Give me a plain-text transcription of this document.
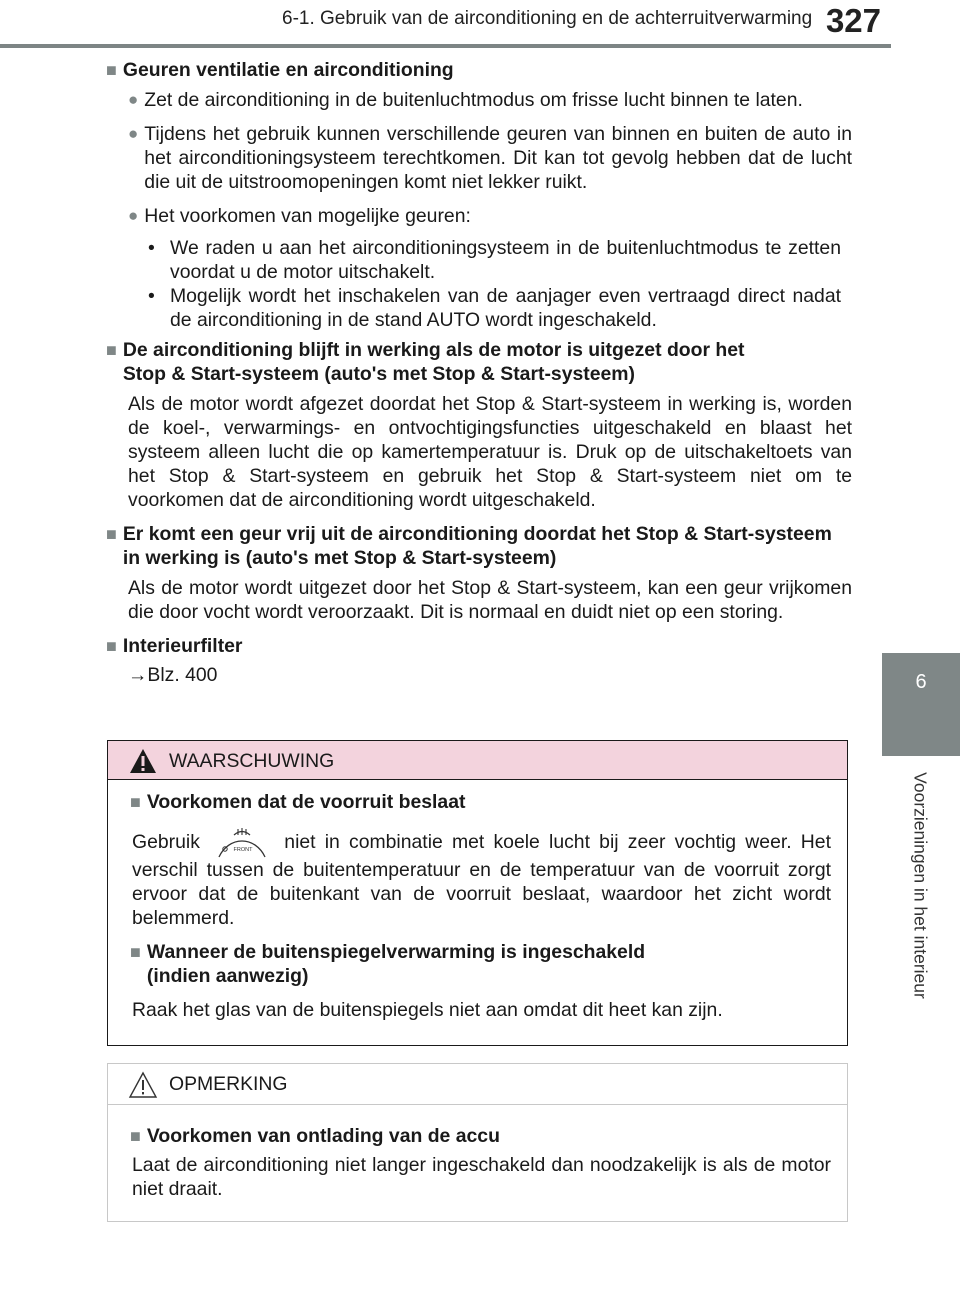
6-1. Gebruik van de airconditioning en de achterruitverwarming 327
6
Voorzieningen in het interieur
■ Geuren ventilatie en airconditioning
● Zet de airconditioning in de buitenluchtmodus om frisse lucht binnen te laten.
● Tijdens het gebruik kunnen verschillende geuren van binnen en buiten de auto in het airconditioningsysteem terechtkomen. Dit kan tot gevolg hebben dat de lucht die uit de uitstroomopeningen komt niet lekker ruikt.
● Het voorkomen van mogelijke geuren:
• We raden u aan het airconditioningsysteem in de buitenluchtmodus te zetten voordat u de motor uitschakelt.
• Mogelijk wordt het inschakelen van de aanjager even vertraagd direct nadat de airconditioning in de stand AUTO wordt ingeschakeld.
■ De airconditioning blijft in werking als de motor is uitgezet door het Stop & Start-systeem (auto's met Stop & Start-systeem)
Als de motor wordt afgezet doordat het Stop & Start-systeem in werking is, worden de koel-, verwarmings- en ontvochtigingsfuncties uitgeschakeld en blaast het systeem alleen lucht die op kamertemperatuur is. Druk op de uitschakeltoets van het Stop & Start-systeem en gebruik het Stop & Start-systeem niet om te voorkomen dat de airconditioning wordt uitgeschakeld.
■ Er komt een geur vrij uit de airconditioning doordat het Stop & Start-systeem in werking is (auto's met Stop & Start-systeem)
Als de motor wordt uitgezet door het Stop & Start-systeem, kan een geur vrijkomen die door vocht wordt veroorzaakt. Dit is normaal en duidt niet op een storing.
■ Interieurfilter
→Blz. 400
WAARSCHUWING
■ Voorkomen dat de voorruit beslaat
Gebruik	FRONT niet in combinatie met koele lucht bij zeer vochtig weer. Het verschil tussen de buitentemperatuur en de temperatuur van de voorruit zorgt ervoor dat de buitenkant van de voorruit beslaat, waardoor het zicht wordt belemmerd.
■ Wanneer de buitenspiegelverwarming is ingeschakeld (indien aanwezig)
Raak het glas van de buitenspiegels niet aan omdat dit heet kan zijn.
OPMERKING
■ Voorkomen van ontlading van de accu
Laat de airconditioning niet langer ingeschakeld dan noodzakelijk is als de motor niet draait.
